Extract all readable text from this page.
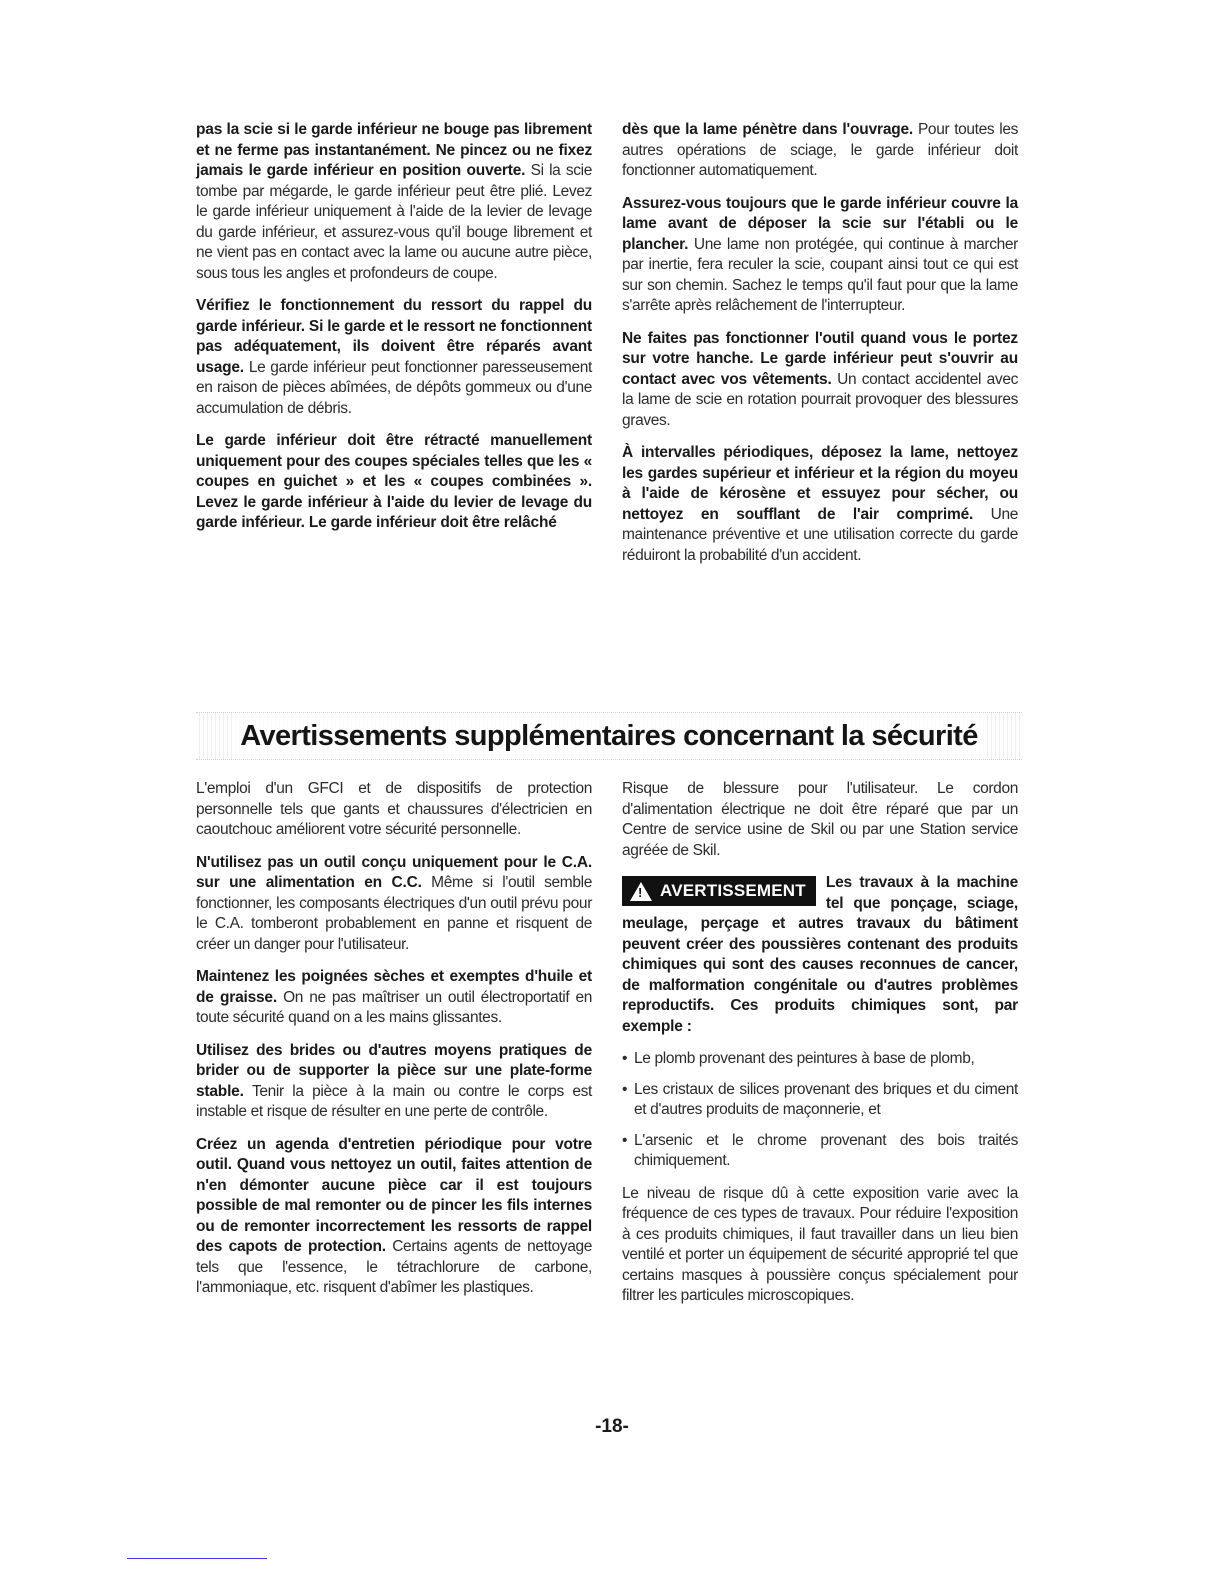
pas la scie si le garde inférieur ne bouge pas librement et ne ferme pas instantanément. Ne pincez ou ne fixez jamais le garde inférieur en position ouverte. Si la scie tombe par mégarde, le garde inférieur peut être plié. Levez le garde inférieur uniquement à l'aide de la levier de levage du garde inférieur, et assurez-vous qu'il bouge librement et ne vient pas en contact avec la lame ou aucune autre pièce, sous tous les angles et profondeurs de coupe.

Vérifiez le fonctionnement du ressort du rappel du garde inférieur. Si le garde et le ressort ne fonctionnent pas adéquatement, ils doivent être réparés avant usage. Le garde inférieur peut fonctionner paresseusement en raison de pièces abîmées, de dépôts gommeux ou d'une accumulation de débris.

Le garde inférieur doit être rétracté manuellement uniquement pour des coupes spéciales telles que les « coupes en guichet » et les « coupes combinées ». Levez le garde inférieur à l'aide du levier de levage du garde inférieur. Le garde inférieur doit être relâché

dès que la lame pénètre dans l'ouvrage. Pour toutes les autres opérations de sciage, le garde inférieur doit fonctionner automatiquement.

Assurez-vous toujours que le garde inférieur couvre la lame avant de déposer la scie sur l'établi ou le plancher. Une lame non protégée, qui continue à marcher par inertie, fera reculer la scie, coupant ainsi tout ce qui est sur son chemin. Sachez le temps qu'il faut pour que la lame s'arrête après relâchement de l'interrupteur.

Ne faites pas fonctionner l'outil quand vous le portez sur votre hanche. Le garde inférieur peut s'ouvrir au contact avec vos vêtements. Un contact accidentel avec la lame de scie en rotation pourrait provoquer des blessures graves.

À intervalles périodiques, déposez la lame, nettoyez les gardes supérieur et inférieur et la région du moyeu à l'aide de kérosène et essuyez pour sécher, ou nettoyez en soufflant de l'air comprimé. Une maintenance préventive et une utilisation correcte du garde réduiront la probabilité d'un accident.

Avertissements supplémentaires concernant la sécurité

L'emploi d'un GFCI et de dispositifs de protection personnelle tels que gants et chaussures d'électricien en caoutchouc améliorent votre sécurité personnelle.

N'utilisez pas un outil conçu uniquement pour le C.A. sur une alimentation en C.C. Même si l'outil semble fonctionner, les composants électriques d'un outil prévu pour le C.A. tomberont probablement en panne et risquent de créer un danger pour l'utilisateur.

Maintenez les poignées sèches et exemptes d'huile et de graisse. On ne pas maîtriser un outil électroportatif en toute sécurité quand on a les mains glissantes.

Utilisez des brides ou d'autres moyens pratiques de brider ou de supporter la pièce sur une plate-forme stable. Tenir la pièce à la main ou contre le corps est instable et risque de résulter en une perte de contrôle.

Créez un agenda d'entretien périodique pour votre outil. Quand vous nettoyez un outil, faites attention de n'en démonter aucune pièce car il est toujours possible de mal remonter ou de pincer les fils internes ou de remonter incorrectement les ressorts de rappel des capots de protection. Certains agents de nettoyage tels que l'essence, le tétrachlorure de carbone, l'ammoniaque, etc. risquent d'abîmer les plastiques.

Risque de blessure pour l'utilisateur. Le cordon d'alimentation électrique ne doit être réparé que par un Centre de service usine de Skil ou par une Station service agréée de Skil.

!
AVERTISSEMENT Les travaux à la machine tel que ponçage, sciage, meulage, perçage et autres travaux du bâtiment peuvent créer des poussières contenant des produits chimiques qui sont des causes reconnues de cancer, de malformation congénitale ou d'autres problèmes reproductifs. Ces produits chimiques sont, par exemple :

• Le plomb provenant des peintures à base de plomb,
• Les cristaux de silices provenant des briques et du ciment et d'autres produits de maçonnerie, et
• L'arsenic et le chrome provenant des bois traités chimiquement.

Le niveau de risque dû à cette exposition varie avec la fréquence de ces types de travaux. Pour réduire l'exposition à ces produits chimiques, il faut travailler dans un lieu bien ventilé et porter un équipement de sécurité approprié tel que certains masques à poussière conçus spécialement pour filtrer les particules microscopiques.

-18-
